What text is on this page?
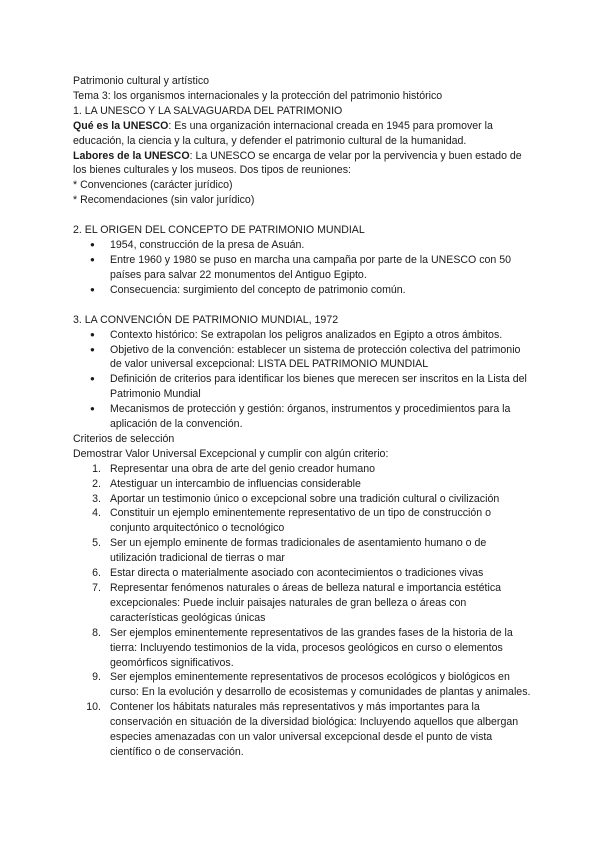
Patrimonio cultural y artístico

Tema 3: los organismos internacionales y la protección del patrimonio histórico

1. LA UNESCO Y LA SALVAGUARDA DEL PATRIMONIO

Qué es la UNESCO: Es una organización internacional creada en 1945 para promover la educación, la ciencia y la cultura, y defender el patrimonio cultural de la humanidad.

Labores de la UNESCO: La UNESCO se encarga de velar por la pervivencia y buen estado de los bienes culturales y los museos. Dos tipos de reuniones:

* Convenciones (carácter jurídico)

* Recomendaciones (sin valor jurídico)

2. EL ORIGEN DEL CONCEPTO DE PATRIMONIO MUNDIAL

● 1954, construcción de la presa de Asuán.
● Entre 1960 y 1980 se puso en marcha una campaña por parte de la UNESCO con 50 países para salvar 22 monumentos del Antiguo Egipto.
● Consecuencia: surgimiento del concepto de patrimonio común.

3. LA CONVENCIÓN DE PATRIMONIO MUNDIAL, 1972

● Contexto histórico: Se extrapolan los peligros analizados en Egipto a otros ámbitos.
● Objetivo de la convención: establecer un sistema de protección colectiva del patrimonio de valor universal excepcional: LISTA DEL PATRIMONIO MUNDIAL
● Definición de criterios para identificar los bienes que merecen ser inscritos en la Lista del Patrimonio Mundial
● Mecanismos de protección y gestión: órganos, instrumentos y procedimientos para la aplicación de la convención.

Criterios de selección

Demostrar Valor Universal Excepcional y cumplir con algún criterio:

1. Representar una obra de arte del genio creador humano
2. Atestiguar un intercambio de influencias considerable
3. Aportar un testimonio único o excepcional sobre una tradición cultural o civilización
4. Constituir un ejemplo eminentemente representativo de un tipo de construcción o conjunto arquitectónico o tecnológico
5. Ser un ejemplo eminente de formas tradicionales de asentamiento humano o de utilización tradicional de tierras o mar
6. Estar directa o materialmente asociado con acontecimientos o tradiciones vivas
7. Representar fenómenos naturales o áreas de belleza natural e importancia estética excepcionales: Puede incluir paisajes naturales de gran belleza o áreas con características geológicas únicas
8. Ser ejemplos eminentemente representativos de las grandes fases de la historia de la tierra: Incluyendo testimonios de la vida, procesos geológicos en curso o elementos geomórficos significativos.
9. Ser ejemplos eminentemente representativos de procesos ecológicos y biológicos en curso: En la evolución y desarrollo de ecosistemas y comunidades de plantas y animales.
10. Contener los hábitats naturales más representativos y más importantes para la conservación en situación de la diversidad biológica: Incluyendo aquellos que albergan especies amenazadas con un valor universal excepcional desde el punto de vista científico o de conservación.
